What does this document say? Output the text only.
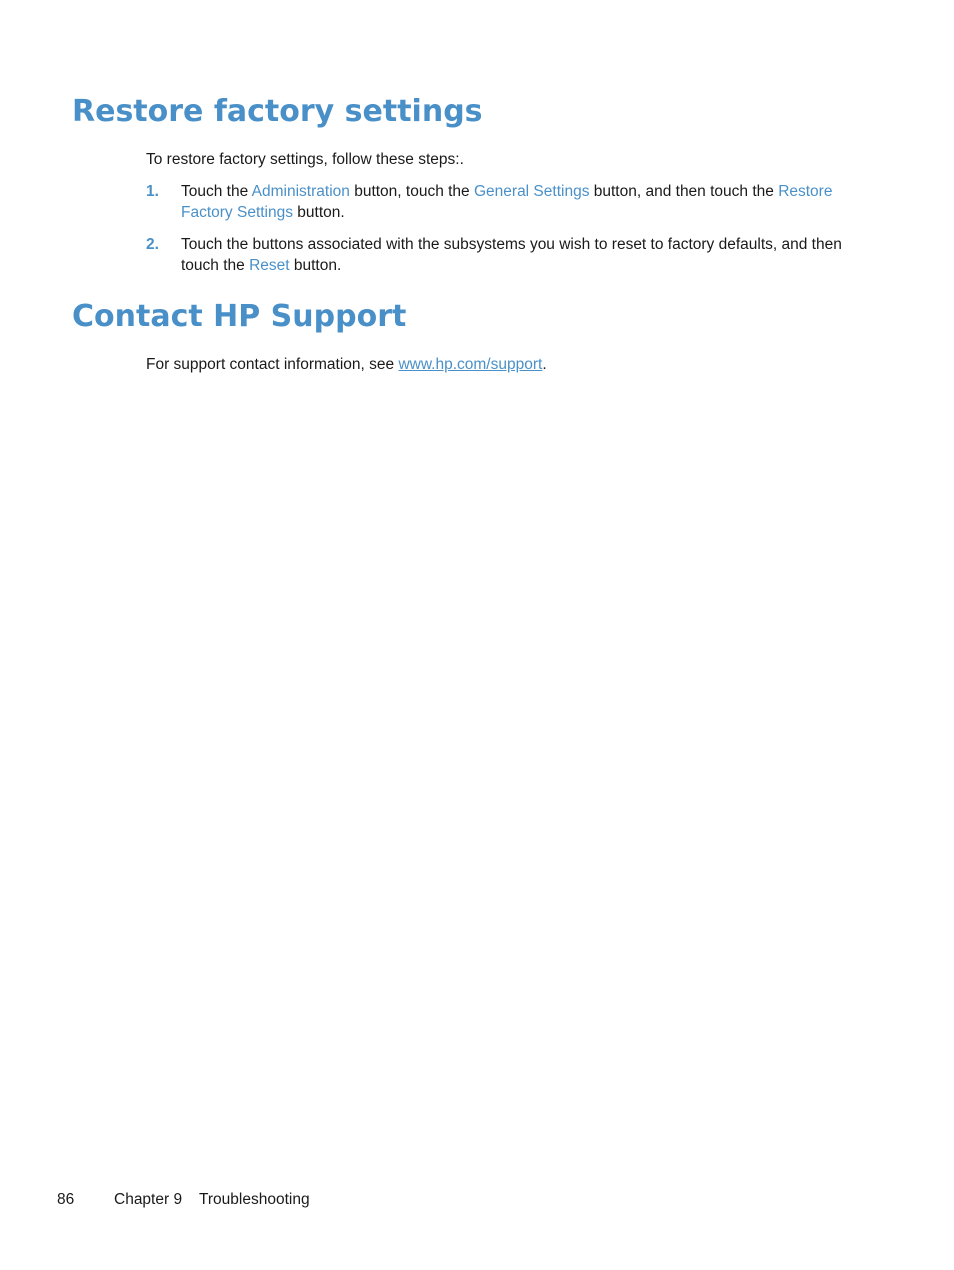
Restore factory settings

To restore factory settings, follow these steps:.

1. Touch the Administration button, touch the General Settings button, and then touch the Restore Factory Settings button.
2. Touch the buttons associated with the subsystems you wish to reset to factory defaults, and then touch the Reset button.
Contact HP Support

For support contact information, see www.hp.com/support.

86	Chapter 9 Troubleshooting
